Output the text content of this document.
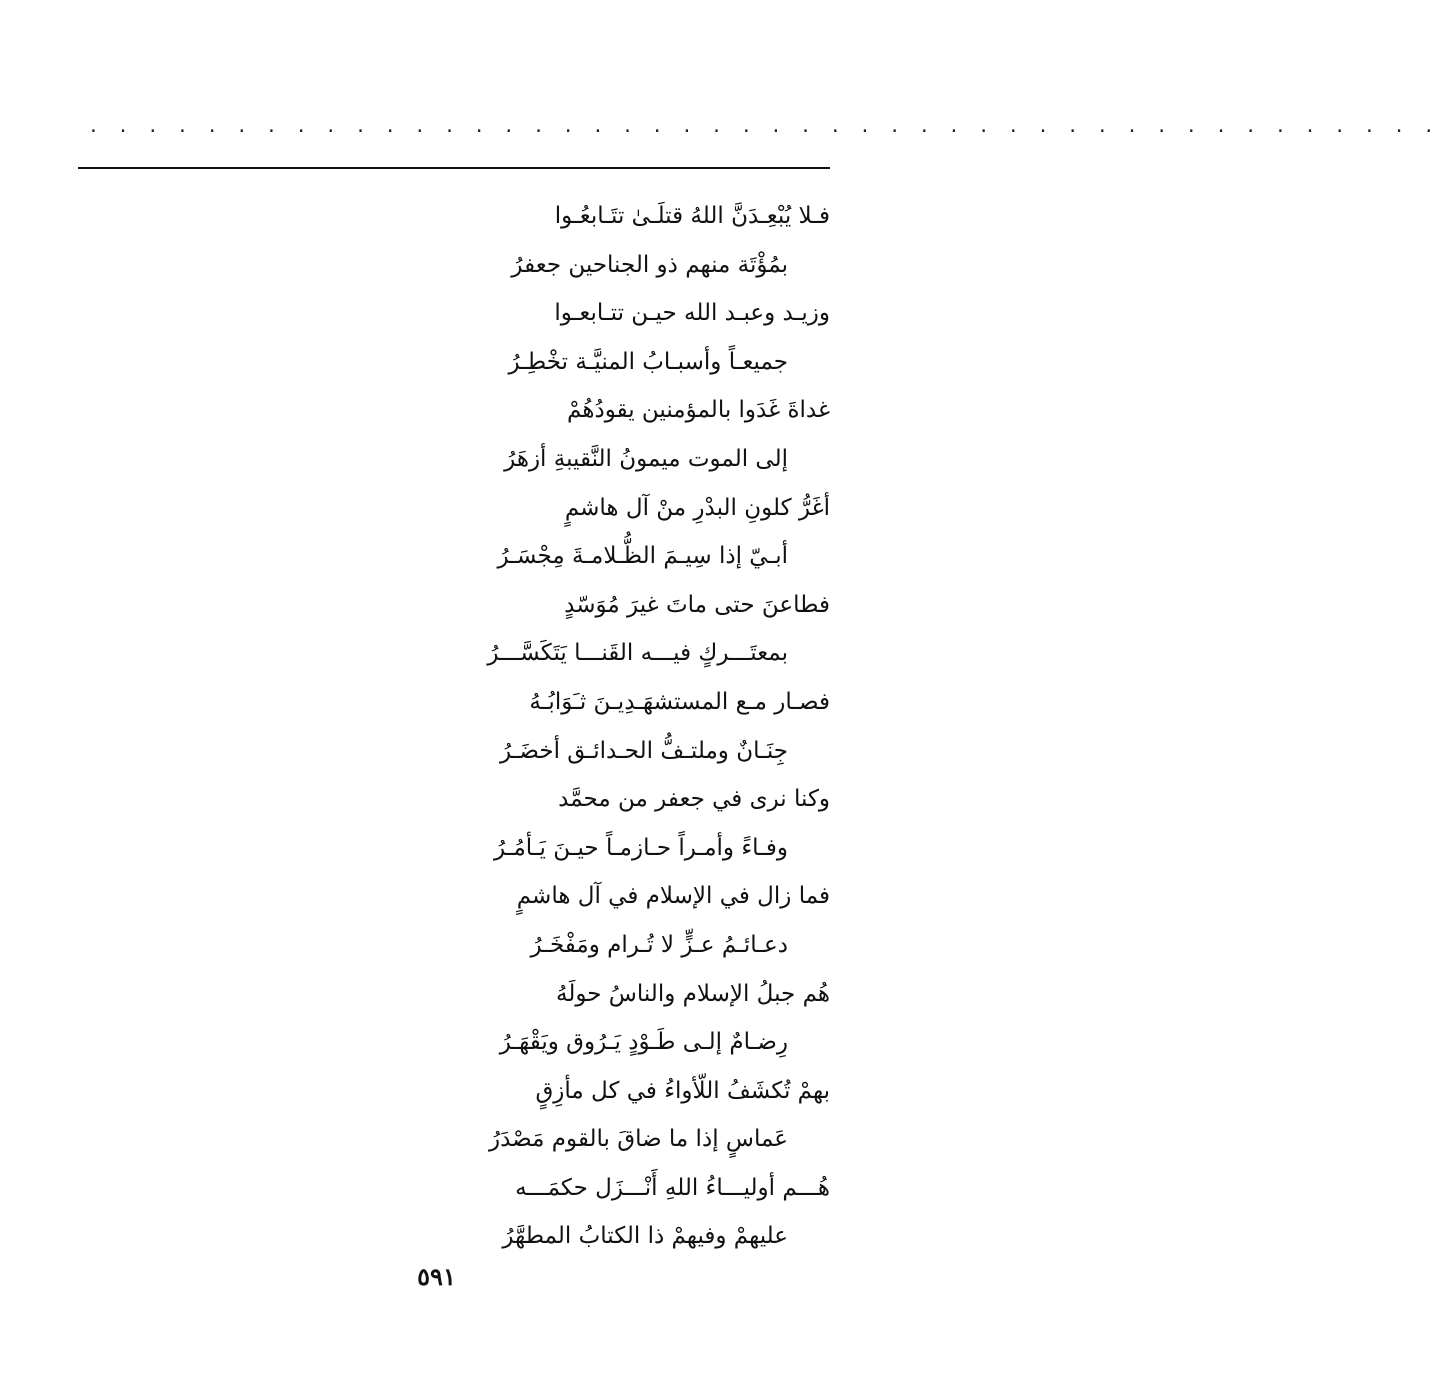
. . . . . . . . . . . . . . . . . . . . . . . . . . . . . . . . . . . . . . . . . . . . . .
فـلا يُبْعِـدَنَّ اللهُ قتلَـىٰ تتَـابعُـوا
بمُؤْتَة منهم ذو الجناحين جعفرُ
وزيـد وعبـد الله حيـن تتـابعـوا
جميعـاً وأسبـابُ المنيَّـة تخْطِـرُ
غداةَ غَدَوا بالمؤمنين يقودُهُمْ
إلى الموت ميمونُ النَّقيبةِ أزهَرُ
أغَرُّ كلونِ البدْرِ منْ آل هاشمٍ
أبـيّ إذا سِيـمَ الظُّـلامـةَ مِجْسَـرُ
فطاعنَ حتى ماتَ غيرَ مُوَسّدٍ
بمعتَـــركٍ فيـــه القَنـــا يَتَكَسَّـــرُ
فصـار مـع المستشهَـدِيـنَ ثـَوَابُـهُ
جِنَـانٌ وملتـفُّ الحـدائـق أخضَـرُ
وكنا نرى في جعفر من محمَّد
وفـاءً وأمـراً حـازمـاً حيـنَ يَـأمُـرُ
فما زال في الإسلام في آل هاشمٍ
دعـائـمُ عـزٍّ لا تُـرام ومَفْخَـرُ
هُم جبلُ الإسلام والناسُ حولَهُ
رِضـامٌ إلـى طَـوْدٍ يَـرُوق ويَقْهَـرُ
بهمْ تُكشَفُ اللّأواءُ في كل مأزِقٍ
عَماسٍ إذا ما ضاقَ بالقوم مَصْدَرُ
هُـــم أوليـــاءُ اللهِ أَنْـــزَل حكمَـــه
عليهمْ وفيهمْ ذا الكتابُ المطهَّرُ
٥٩١
